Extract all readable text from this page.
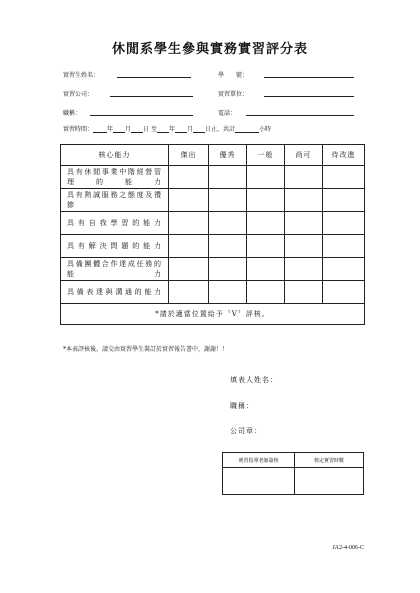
休閒系學生參與實務實習評分表
實習生姓名：	學　　號：
實習公司：	實習單位：
職稱：	電話：
實習時間： 年 月 日 至 年 月 日止，共計	小時
核心能力	傑出	優秀	一般	尚可	待改進
具有休閒事業中階經營管理的能力					
具有熱誠服務之態度及禮節					
具有自我學習的能力					
具有解決問題的能力					
具備團體合作達成任務的能力					
具備表達與溝通的能力					
*請於適當位置給予〝V〞評核。					
*本表評核後，請交由實習學生裝訂於實習報告書中，謝謝！！
填表人姓名：
職稱：
公司章：
實習指導老師簽核	核定實習時數

JA2-4-006-C
